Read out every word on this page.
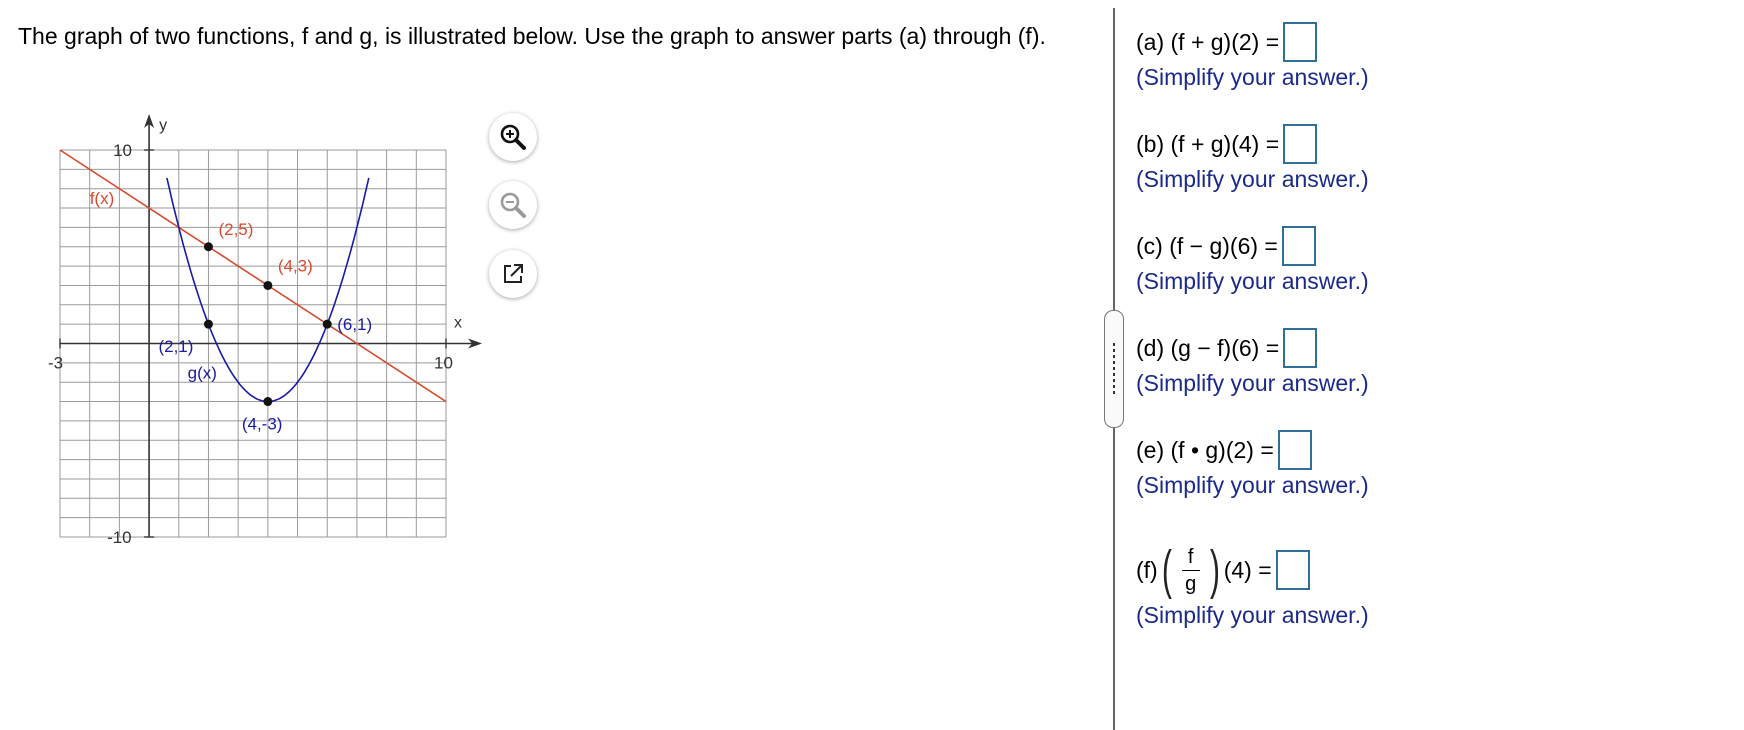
The graph of two functions, f and g, is illustrated below. Use the graph to answer parts (a) through (f).
(2,5)
(4,3)
(2,1)
(4,-3)
(6,1)	x
y
-3	10
10
-10
f(x)
g(x)
(a) (f + g)(2) =
(Simplify your answer.)
(b) (f + g)(4) =
(Simplify your answer.)
(c) (f − g)(6) =
(Simplify your answer.)
(d) (g − f)(6) =
(Simplify your answer.)
(e) (f • g)(2) =
(Simplify your answer.)
(f) ( $\frac{f}{g}$ ) (4) =
(Simplify your answer.)
